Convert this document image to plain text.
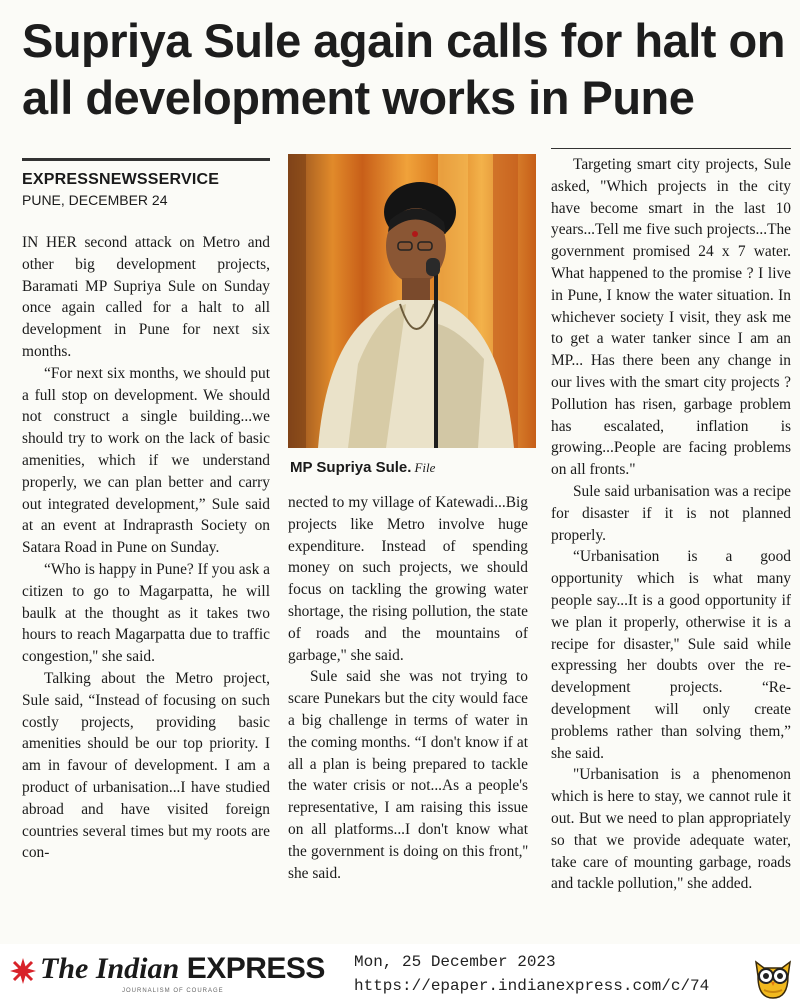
Supriya Sule again calls for halt on all development works in Pune
EXPRESSNEWSSERVICE
PUNE, DECEMBER 24

IN HER second attack on Metro and other big development projects, Baramati MP Supriya Sule on Sunday once again called for a halt to all development in Pune for next six months.

“For next six months, we should put a full stop on development. We should not construct a single building...we should try to work on the lack of basic amenities, which if we understand properly, we can plan better and carry out integrated development,” Sule said at an event at Indraprasth Society on Satara Road in Pune on Sunday.

“Who is happy in Pune? If you ask a citizen to go to Magarpatta, he will baulk at the thought as it takes two hours to reach Magarpatta due to traffic congestion,'' she said.

Talking about the Metro project, Sule said, “Instead of focusing on such costly projects, providing basic amenities should be our top priority. I am in favour of development. I am a product of urbanisation...I have studied abroad and have visited foreign countries several times but my roots are con-

MP Supriya Sule. File

nected to my village of Katewadi...Big projects like Metro involve huge expenditure. Instead of spending money on such projects, we should focus on tackling the growing water shortage, the rising pollution, the state of roads and the mountains of garbage," she said.

Sule said she was not trying to scare Punekars but the city would face a big challenge in terms of water in the coming months. “I don't know if at all a plan is being prepared to tackle the water crisis or not...As a people's representative, I am raising this issue on all platforms...I don't know what the government is doing on this front,'' she said.

Targeting smart city projects, Sule asked, "Which projects in the city have become smart in the last 10 years...Tell me five such projects...The government promised 24 x 7 water. What happened to the promise ? I live in Pune, I know the water situation. In whichever society I visit, they ask me to get a water tanker since I am an MP... Has there been any change in our lives with the smart city projects ? Pollution has risen, garbage problem has escalated, inflation is growing...People are facing problems on all fronts."

Sule said urbanisation was a recipe for disaster if it is not planned properly.

“Urbanisation is a good opportunity which is what many people say...It is a good opportunity if we plan it properly, otherwise it is a recipe for disaster,'' Sule said while expressing her doubts over the re-development projects. “Re-development will only create problems rather than solving them,” she said.

"Urbanisation is a phenomenon which is here to stay, we cannot rule it out. But we need to plan appropriately so that we provide adequate water, take care of mounting garbage, roads and tackle pollution," she added.

The Indian EXPRESS
JOURNALISM OF COURAGE
Mon, 25 December 2023
https://epaper.indianexpress.com/c/74
